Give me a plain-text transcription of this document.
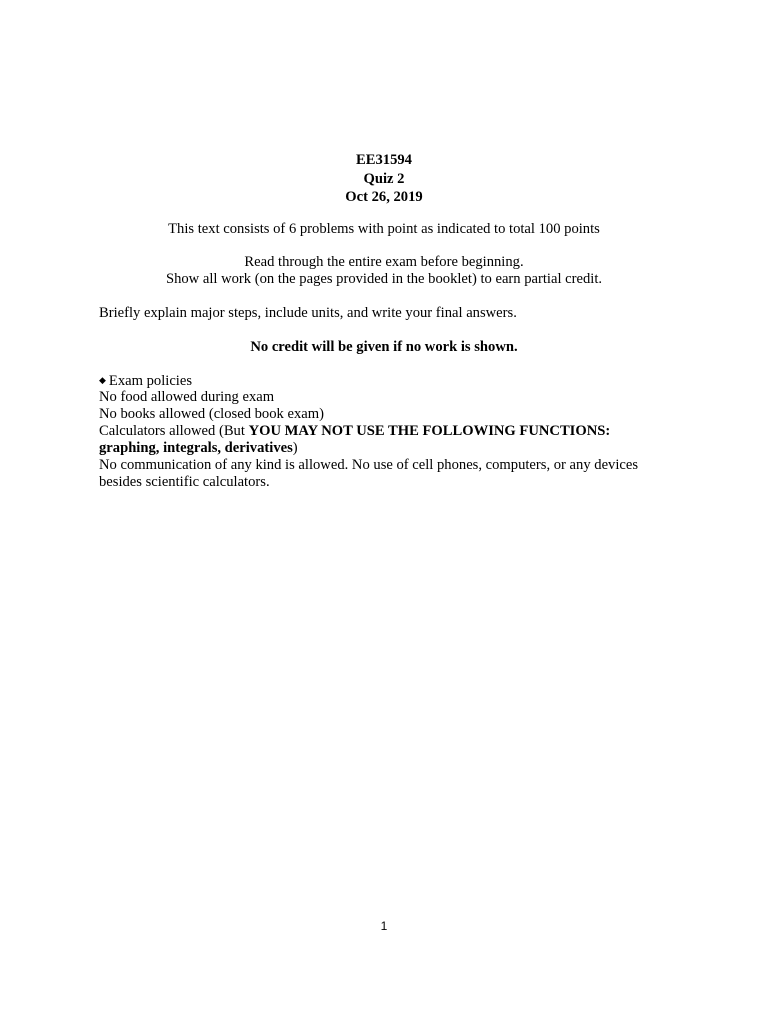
EE31594
Quiz 2
Oct 26, 2019
This text consists of 6 problems with point as indicated to total 100 points
Read through the entire exam before beginning.
Show all work (on the pages provided in the booklet) to earn partial credit.
Briefly explain major steps, include units, and write your final answers.
No credit will be given if no work is shown.
◆ Exam policies
No food allowed during exam
No books allowed (closed book exam)
Calculators allowed (But YOU MAY NOT USE THE FOLLOWING FUNCTIONS:
graphing, integrals, derivatives)
No communication of any kind is allowed. No use of cell phones, computers, or any devices
besides scientific calculators.
1
